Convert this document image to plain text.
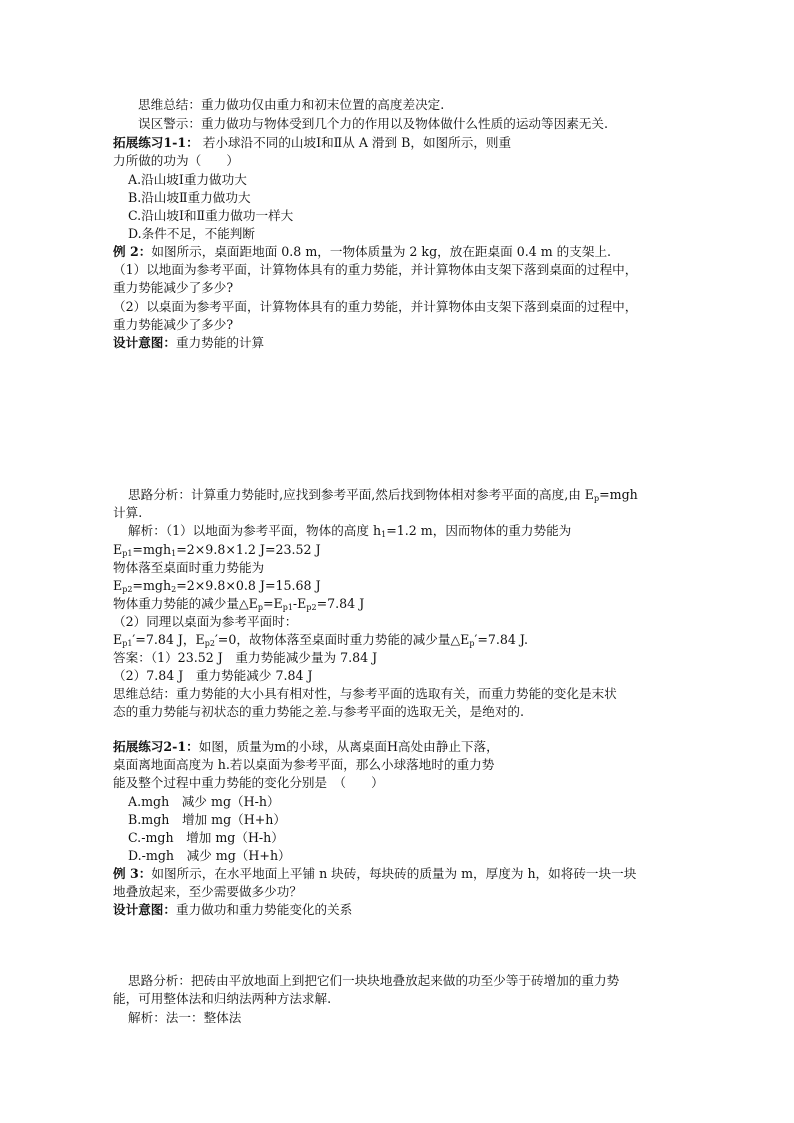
思维总结：重力做功仅由重力和初末位置的高度差决定.
误区警示：重力做功与物体受到几个力的作用以及物体做什么性质的运动等因素无关.
拓展练习1-1： 若小球沿不同的山坡Ⅰ和Ⅱ从 A 滑到 B，如图所示，则重
力所做的功为（　　）
A.沿山坡Ⅰ重力做功大
B.沿山坡Ⅱ重力做功大
C.沿山坡Ⅰ和Ⅱ重力做功一样大
D.条件不足，不能判断
例 2：如图所示，桌面距地面 0.8 m，一物体质量为 2 kg，放在距桌面 0.4 m 的支架上.
（1）以地面为参考平面，计算物体具有的重力势能，并计算物体由支架下落到桌面的过程中，
重力势能减少了多少?
（2）以桌面为参考平面，计算物体具有的重力势能，并计算物体由支架下落到桌面的过程中，
重力势能减少了多少?
设计意图：重力势能的计算
思路分析：计算重力势能时,应找到参考平面,然后找到物体相对参考平面的高度,由 $E_p=mgh$
计算.
解析：（1）以地面为参考平面，物体的高度 $h_1=1.2$ m，因而物体的重力势能为
$E_{p1}=mgh_1=2\times 9.8\times 1.2$ J=23.52 J
物体落至桌面时重力势能为
$E_{p2}=mgh_2=2\times 9.8\times 0.8$ J=15.68 J
物体重力势能的减少量$\triangle E_p=E_{p1}-E_{p2}=7.84$ J
（2）同理以桌面为参考平面时：
$E_{p1}'=7.84$ J，$E_{p2}'=0$，故物体落至桌面时重力势能的减少量$\triangle E_p'=7.84$ J.
答案：（1）23.52 J　重力势能减少量为 7.84 J
（2）7.84 J　重力势能减少 7.84 J
思维总结：重力势能的大小具有相对性，与参考平面的选取有关，而重力势能的变化是末状
态的重力势能与初状态的重力势能之差.与参考平面的选取无关，是绝对的.
拓展练习2-1：如图，质量为m的小球，从离桌面H高处由静止下落，
桌面离地面高度为 h.若以桌面为参考平面，那么小球落地时的重力势
能及整个过程中重力势能的变化分别是　（　　）
A.mgh　减少 mg（H-h）
B.mgh　增加 mg（H+h）
C.-mgh　增加 mg（H-h）
D.-mgh　减少 mg（H+h）
例 3：如图所示，在水平地面上平铺 n 块砖，每块砖的质量为 m，厚度为 h，如将砖一块一块
地叠放起来，至少需要做多少功？
设计意图：重力做功和重力势能变化的关系
思路分析：把砖由平放地面上到把它们一块块地叠放起来做的功至少等于砖增加的重力势
能，可用整体法和归纳法两种方法求解.
解析：法一：整体法
